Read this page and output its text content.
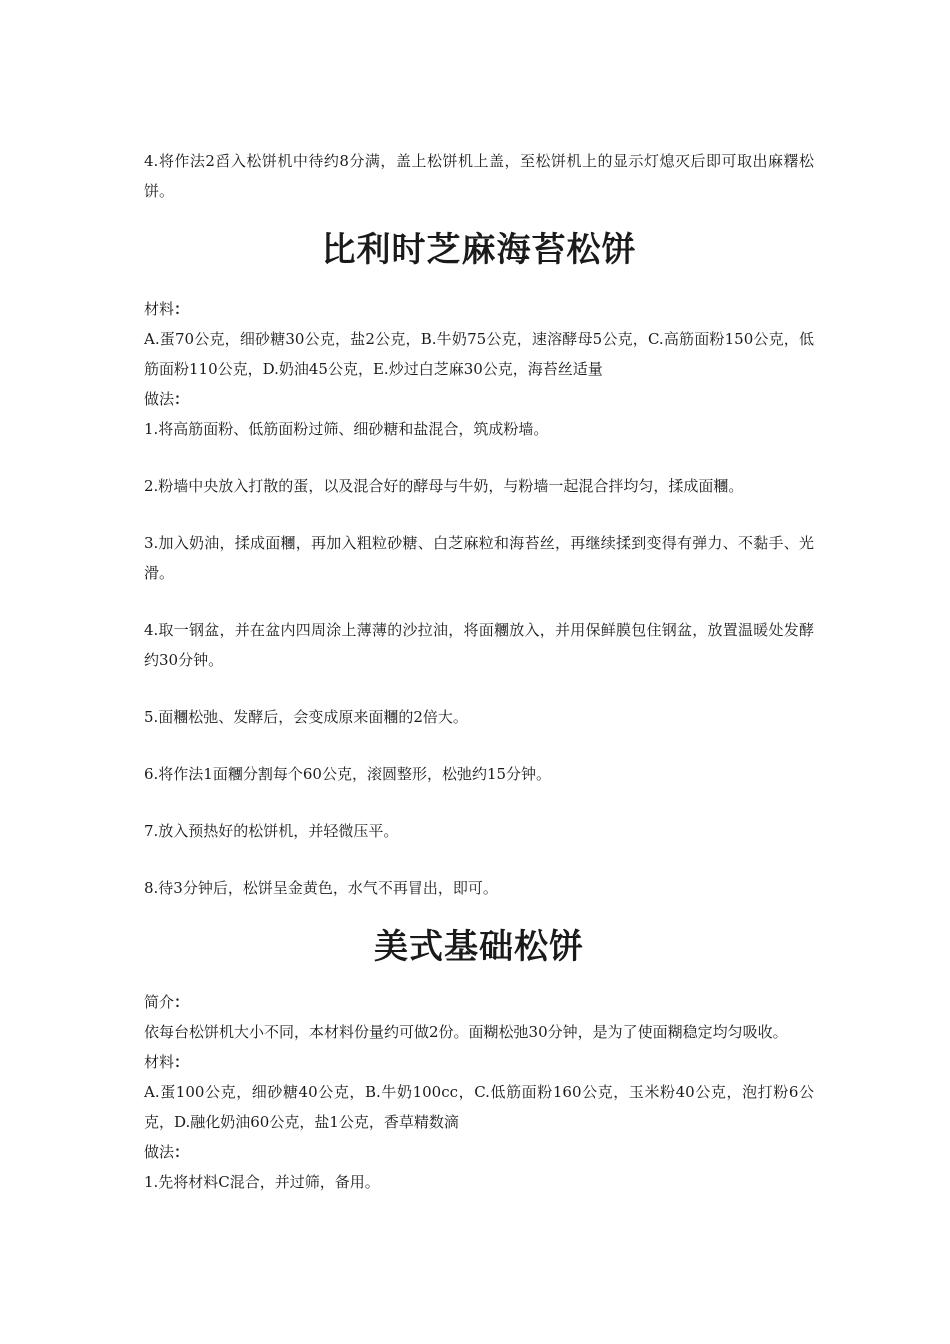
4.将作法2舀入松饼机中待约8分满，盖上松饼机上盖，至松饼机上的显示灯熄灭后即可取出麻糬松饼。

比利时芝麻海苔松饼

材料：

A.蛋70公克，细砂糖30公克，盐2公克，B.牛奶75公克，速溶酵母5公克，C.高筋面粉150公克，低筋面粉110公克，D.奶油45公克，E.炒过白芝麻30公克，海苔丝适量

做法：

1.将高筋面粉、低筋面粉过筛、细砂糖和盐混合，筑成粉墙。

2.粉墙中央放入打散的蛋，以及混合好的酵母与牛奶，与粉墙一起混合拌均匀，揉成面糰。

3.加入奶油，揉成面糰，再加入粗粒砂糖、白芝麻粒和海苔丝，再继续揉到变得有弹力、不黏手、光滑。

4.取一钢盆，并在盆内四周涂上薄薄的沙拉油，将面糰放入，并用保鲜膜包住钢盆，放置温暖处发酵约30分钟。

5.面糰松弛、发酵后，会变成原来面糰的2倍大。

6.将作法1面糰分割每个60公克，滚圆整形，松弛约15分钟。

7.放入预热好的松饼机，并轻微压平。

8.待3分钟后，松饼呈金黄色，水气不再冒出，即可。

美式基础松饼

简介：

依每台松饼机大小不同，本材料份量约可做2份。面糊松弛30分钟，是为了使面糊稳定均匀吸收。

材料：

A.蛋100公克，细砂糖40公克，B.牛奶100cc，C.低筋面粉160公克，玉米粉40公克，泡打粉6公克，D.融化奶油60公克，盐1公克，香草精数滴

做法：

1.先将材料C混合，并过筛，备用。
